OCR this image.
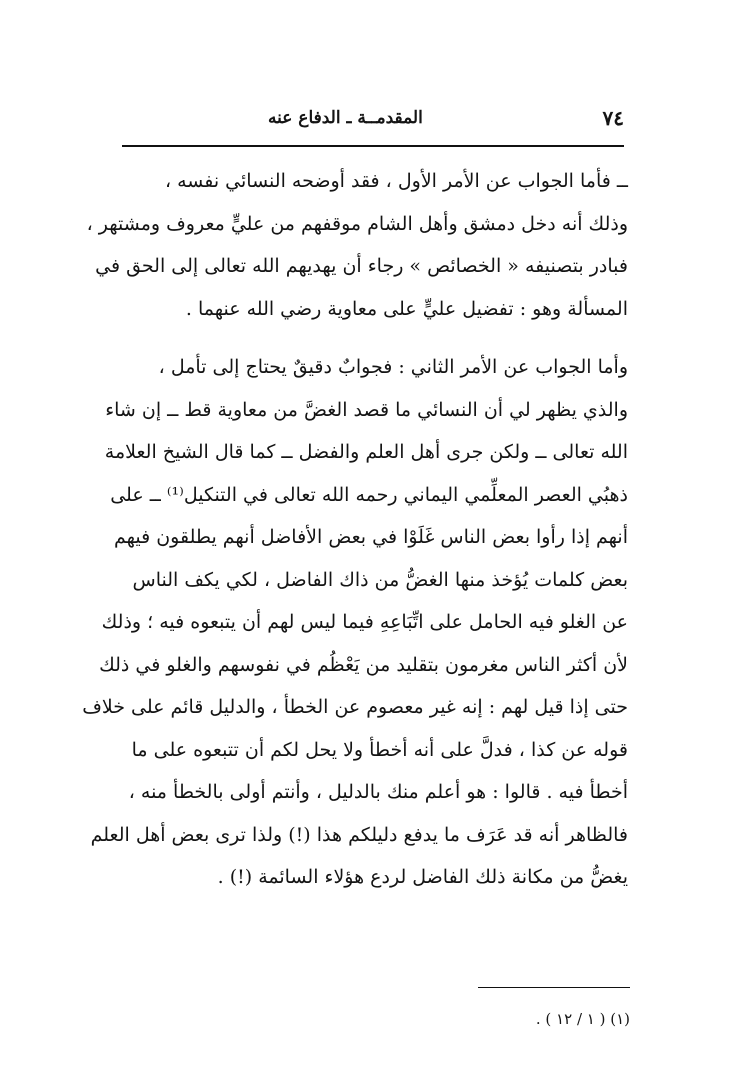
٧٤
المقدمــة ـ الدفاع عنه
ــ فأما الجواب عن الأمر الأول ، فقد أوضحه النسائي نفسه ،
وذلك أنه دخل دمشق وأهل الشام موقفهم من عليٍّ معروف ومشتهر ،
فبادر بتصنيفه « الخصائص » رجاء أن يهديهم الله تعالى إلى الحق في
المسألة وهو : تفضيل عليٍّ على معاوية رضي الله عنهما .
وأما الجواب عن الأمر الثاني : فجوابٌ دقيقٌ يحتاج إلى تأمل ،
والذي يظهر لي أن النسائي ما قصد الغضَّ من معاوية قط ــ إن شاء
الله تعالى ــ ولكن جرى أهل العلم والفضل ــ كما قال الشيخ العلامة
ذهبُي العصر المعلِّمي اليماني رحمه الله تعالى في التنكيل⁽¹⁾ ــ على
أنهم إذا رأوا بعض الناس غَلَوْا في بعض الأفاضل أنهم يطلقون فيهم
بعض كلمات يُؤخذ منها الغضُّ من ذاك الفاضل ، لكي يكف الناس
عن الغلو فيه الحامل على اتِّبَاعِهِ فيما ليس لهم أن يتبعوه فيه ؛ وذلك
لأن أكثر الناس مغرمون بتقليد من يَعْظُم في نفوسهم والغلو في ذلك
حتى إذا قيل لهم : إنه غير معصوم عن الخطأ ، والدليل قائم على خلاف
قوله عن كذا ، فدلَّ على أنه أخطأ ولا يحل لكم أن تتبعوه على ما
أخطأ فيه . قالوا : هو أعلم منك بالدليل ، وأنتم أولى بالخطأ منه ،
فالظاهر أنه قد عَرَف ما يدفع دليلكم هذا (!) ولذا ترى بعض أهل العلم
يغضُّ من مكانة ذلك الفاضل لردع هؤلاء السائمة (!) .
(١) ( ١ / ١٢ ) .
